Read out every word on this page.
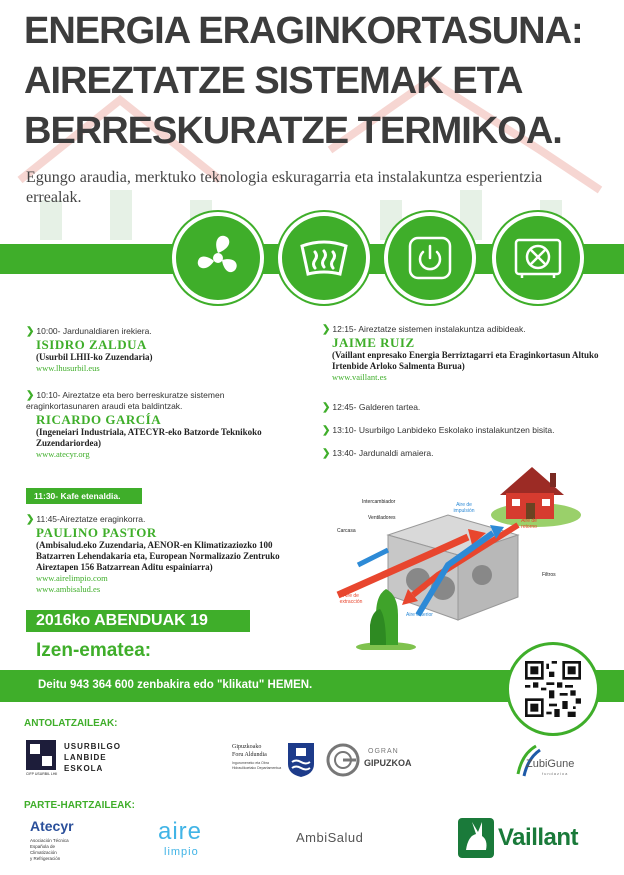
ENERGIA ERAGINKORTASUNA:
AIREZTATZE SISTEMAK ETA
BERRESKURATZE TERMIKOA.
Egungo araudia, merktuko teknologia eskuragarria eta instalakuntza esperientzia errealak.
❯ 10:00- Jardunaldiaren irekiera.
ISIDRO ZALDUA
(Usurbil LHII-ko Zuzendaria)
www.lhusurbil.eus
❯ 10:10- Aireztatze eta bero berreskuratze sistemen eraginkortasunaren araudi eta baldintzak.
RICARDO GARCÍA
(Ingeneiari Industriala, ATECYR-eko Batzorde Teknikoko Zuzendariordea)
www.atecyr.org
11:30- Kafe etenaldia.
❯ 11:45-Aireztatze eraginkorra.
PAULINO PASTOR
(Ambisalud.eko Zuzendaria, AENOR-en Klimatizaziozko 100 Batzarren Lehendakaria eta, European Normalizazio Zentruko Aireztapen 156 Batzarrean Aditu espainiarra)
www.airelimpio.com
www.ambisalud.es
❯ 12:15- Aireztatze sistemen instalakuntza adibideak.
JAIME RUIZ
(Vaillant enpresako Energia Berriztagarri eta Eraginkortasun Altuko Irtenbide Arloko Salmenta Burua)
www.vaillant.es
❯ 12:45- Galderen tartea.
❯ 13:10- Usurbilgo Lanbideko Eskolako instalakuntzen bisita.
❯ 13:40- Jardunaldi amaiera.
Intercambiador
Ventiladores
Carcasa
Aire de impulsión
Aire de retorno
Filtros
Aire de extracción
Aire exterior
2016ko ABENDUAK 19
Izen-ematea:
Deitu 943 364 600 zenbakira edo "klikatu" HEMEN.
ANTOLATZAILEAK:
USURBILGO
LANBIDE
ESKOLA
CIFP USURBIL LHII
Gipuzkoako
Foru Aldundia
Ingurumeneko eta Obra
Hidraulikoetako Departamentua
OGRAN
GIPUZKOA	ZubiGune
fundazioa
PARTE-HARTZAILEAK:
Atecyr
Asociación Técnica
Española de
Climatización
y Refrigeración
aire
limpio
AmbiSalud	Vaillant
